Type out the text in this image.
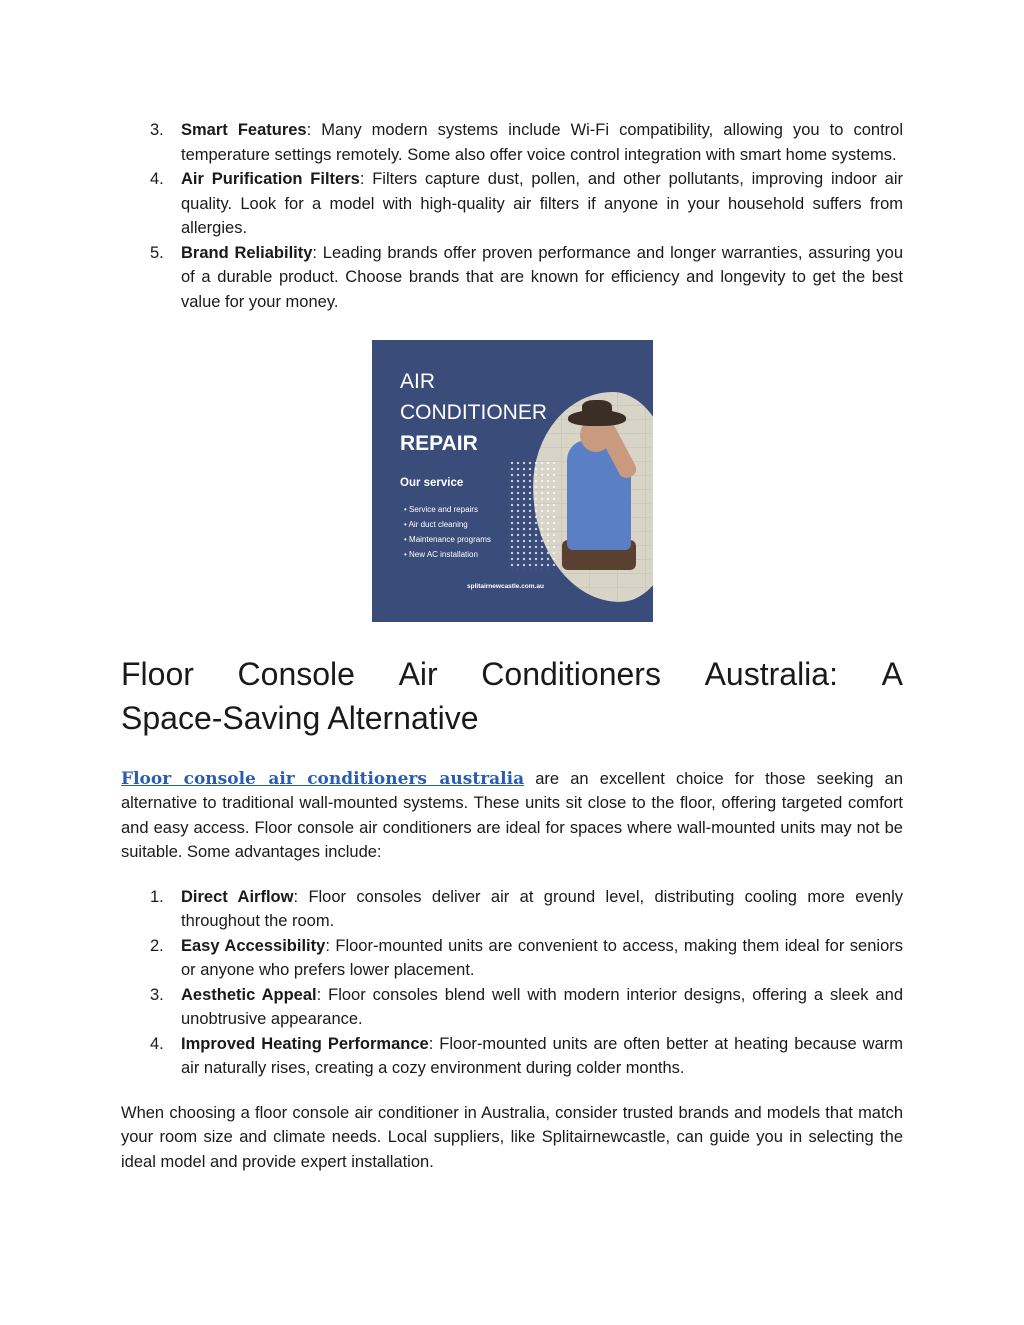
3. Smart Features: Many modern systems include Wi-Fi compatibility, allowing you to control temperature settings remotely. Some also offer voice control integration with smart home systems.
4. Air Purification Filters: Filters capture dust, pollen, and other pollutants, improving indoor air quality. Look for a model with high-quality air filters if anyone in your household suffers from allergies.
5. Brand Reliability: Leading brands offer proven performance and longer warranties, assuring you of a durable product. Choose brands that are known for efficiency and longevity to get the best value for your money.
AIR
CONDITIONER
REPAIR
Our service
• Service and repairs
• Air duct cleaning
• Maintenance programs
• New AC installation
splitairnewcastle.com.au
Floor Console Air Conditioners Australia: A
Space-Saving Alternative

Floor console air conditioners australia are an excellent choice for those seeking an alternative to traditional wall-mounted systems. These units sit close to the floor, offering targeted comfort and easy access. Floor console air conditioners are ideal for spaces where wall-mounted units may not be suitable. Some advantages include:

1. Direct Airflow: Floor consoles deliver air at ground level, distributing cooling more evenly throughout the room.
2. Easy Accessibility: Floor-mounted units are convenient to access, making them ideal for seniors or anyone who prefers lower placement.
3. Aesthetic Appeal: Floor consoles blend well with modern interior designs, offering a sleek and unobtrusive appearance.
4. Improved Heating Performance: Floor-mounted units are often better at heating because warm air naturally rises, creating a cozy environment during colder months.

When choosing a floor console air conditioner in Australia, consider trusted brands and models that match your room size and climate needs. Local suppliers, like Splitairnewcastle, can guide you in selecting the ideal model and provide expert installation.
